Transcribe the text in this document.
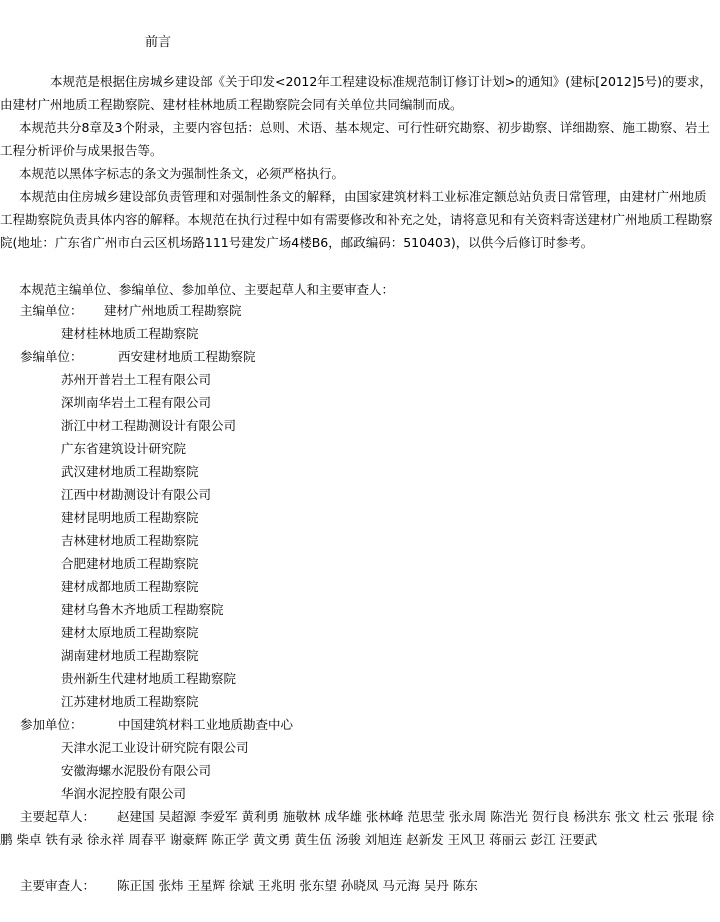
前言

本规范是根据住房城乡建设部《关于印发<2012年工程建设标准规范制订修订计划>的通知》(建标[2012]5号)的要求，由建材广州地质工程勘察院、建材桂林地质工程勘察院会同有关单位共同编制而成。

本规范共分8章及3个附录，主要内容包括：总则、术语、基本规定、可行性研究勘察、初步勘察、详细勘察、施工勘察、岩土工程分析评价与成果报告等。

本规范以黑体字标志的条文为强制性条文，必须严格执行。

本规范由住房城乡建设部负责管理和对强制性条文的解释，由国家建筑材料工业标准定额总站负责日常管理，由建材广州地质工程勘察院负责具体内容的解释。本规范在执行过程中如有需要修改和补充之处，请将意见和有关资料寄送建材广州地质工程勘察院(地址：广东省广州市白云区机场路111号建发广场4楼B6，邮政编码：510403)，以供今后修订时参考。

本规范主编单位、参编单位、参加单位、主要起草人和主要审查人：

主编单位： 建材广州地质工程勘察院
建材桂林地质工程勘察院
参编单位：	西安建材地质工程勘察院
苏州开普岩土工程有限公司
深圳南华岩土工程有限公司
浙江中材工程勘测设计有限公司
广东省建筑设计研究院
武汉建材地质工程勘察院
江西中材勘测设计有限公司
建材昆明地质工程勘察院
吉林建材地质工程勘察院
合肥建材地质工程勘察院
建材成都地质工程勘察院
建材乌鲁木齐地质工程勘察院
建材太原地质工程勘察院
湖南建材地质工程勘察院
贵州新生代建材地质工程勘察院
江苏建材地质工程勘察院
参加单位：	中国建筑材料工业地质勘查中心
天津水泥工业设计研究院有限公司
安徽海螺水泥股份有限公司
华润水泥控股有限公司

主要起草人： 赵建国 吴超源 李爱军 黄利勇 施敬林 成华雄 张林峰 范思莹 张永周 陈浩光 贺行良 杨洪东 张文 杜云 张琨 徐鹏 柴卓 铁有录 徐永祥 周春平 谢豪辉 陈正学 黄文勇 黄生伍 汤骏 刘旭连 赵新发 王风卫 蒋丽云 彭江 汪要武

主要审查人： 陈正国 张炜 王星辉 徐斌 王兆明 张东望 孙晓凤 马元海 吴丹 陈东
